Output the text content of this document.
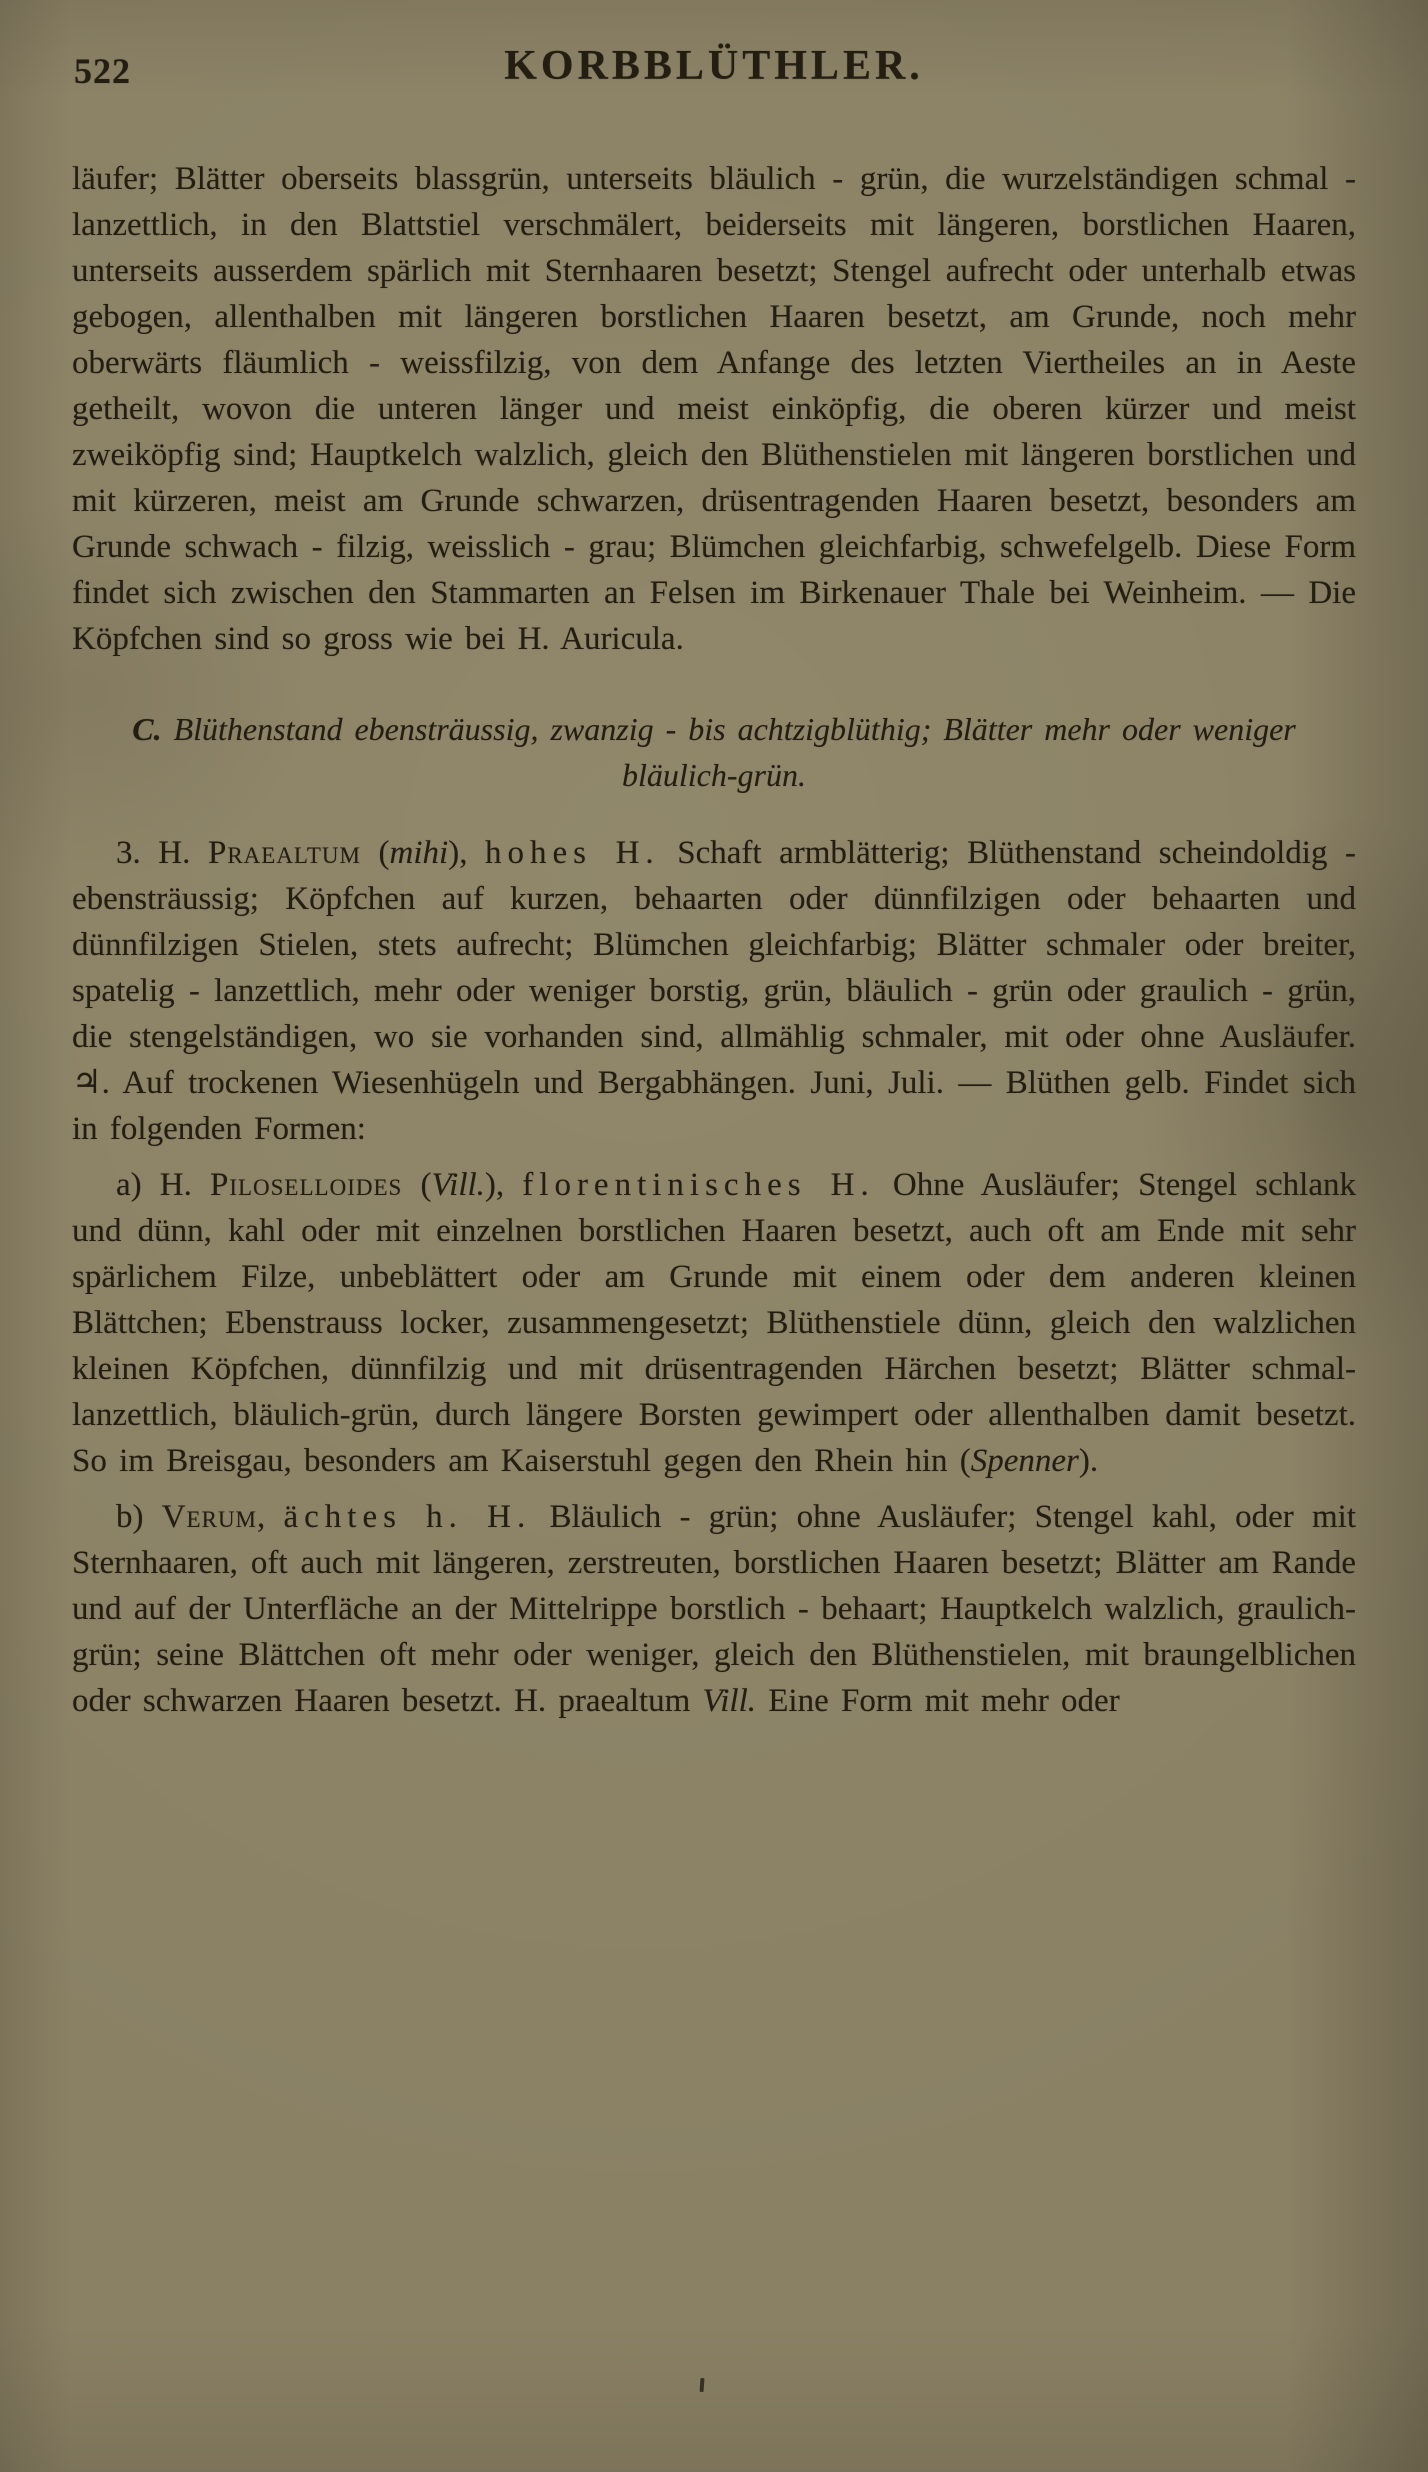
522	KORBBLÜTHLER.

läufer; Blätter oberseits blassgrün, unterseits bläulich - grün, die wurzelständigen schmal - lanzettlich, in den Blattstiel verschmälert, beiderseits mit längeren, borstlichen Haaren, unterseits ausserdem spärlich mit Sternhaaren besetzt; Stengel aufrecht oder unterhalb etwas gebogen, allenthalben mit längeren borstlichen Haaren besetzt, am Grunde, noch mehr oberwärts fläumlich - weissfilzig, von dem Anfange des letzten Viertheiles an in Aeste getheilt, wovon die unteren länger und meist einköpfig, die oberen kürzer und meist zweiköpfig sind; Hauptkelch walzlich, gleich den Blüthenstielen mit längeren borstlichen und mit kürzeren, meist am Grunde schwarzen, drüsentragenden Haaren besetzt, besonders am Grunde schwach - filzig, weisslich - grau; Blümchen gleichfarbig, schwefelgelb. Diese Form findet sich zwischen den Stammarten an Felsen im Birkenauer Thale bei Weinheim. — Die Köpfchen sind so gross wie bei H. Auricula.

C. Blüthenstand ebensträussig, zwanzig - bis achtzigblüthig; Blätter mehr oder weniger bläulich-grün.

3. H. Praealtum (mihi), hohes H. Schaft armblätterig; Blüthenstand scheindoldig - ebensträussig; Köpfchen auf kurzen, behaarten oder dünnfilzigen oder behaarten und dünnfilzigen Stielen, stets aufrecht; Blümchen gleichfarbig; Blätter schmaler oder breiter, spatelig - lanzettlich, mehr oder weniger borstig, grün, bläulich - grün oder graulich - grün, die stengelständigen, wo sie vorhanden sind, allmählig schmaler, mit oder ohne Ausläufer. ♃. Auf trockenen Wiesenhügeln und Bergabhängen. Juni, Juli. — Blüthen gelb. Findet sich in folgenden Formen:

a) H. Piloselloides (Vill.), florentinisches H. Ohne Ausläufer; Stengel schlank und dünn, kahl oder mit einzelnen borstlichen Haaren besetzt, auch oft am Ende mit sehr spärlichem Filze, unbeblättert oder am Grunde mit einem oder dem anderen kleinen Blättchen; Ebenstrauss locker, zusammengesetzt; Blüthenstiele dünn, gleich den walzlichen kleinen Köpfchen, dünnfilzig und mit drüsentragenden Härchen besetzt; Blätter schmal-lanzettlich, bläulich-grün, durch längere Borsten gewimpert oder allenthalben damit besetzt. So im Breisgau, besonders am Kaiserstuhl gegen den Rhein hin (Spenner).

b) Verum, ächtes h. H. Bläulich - grün; ohne Ausläufer; Stengel kahl, oder mit Sternhaaren, oft auch mit längeren, zerstreuten, borstlichen Haaren besetzt; Blätter am Rande und auf der Unterfläche an der Mittelrippe borstlich - behaart; Hauptkelch walzlich, graulich-grün; seine Blättchen oft mehr oder weniger, gleich den Blüthenstielen, mit braungelblichen oder schwarzen Haaren besetzt. H. praealtum Vill. Eine Form mit mehr oder
